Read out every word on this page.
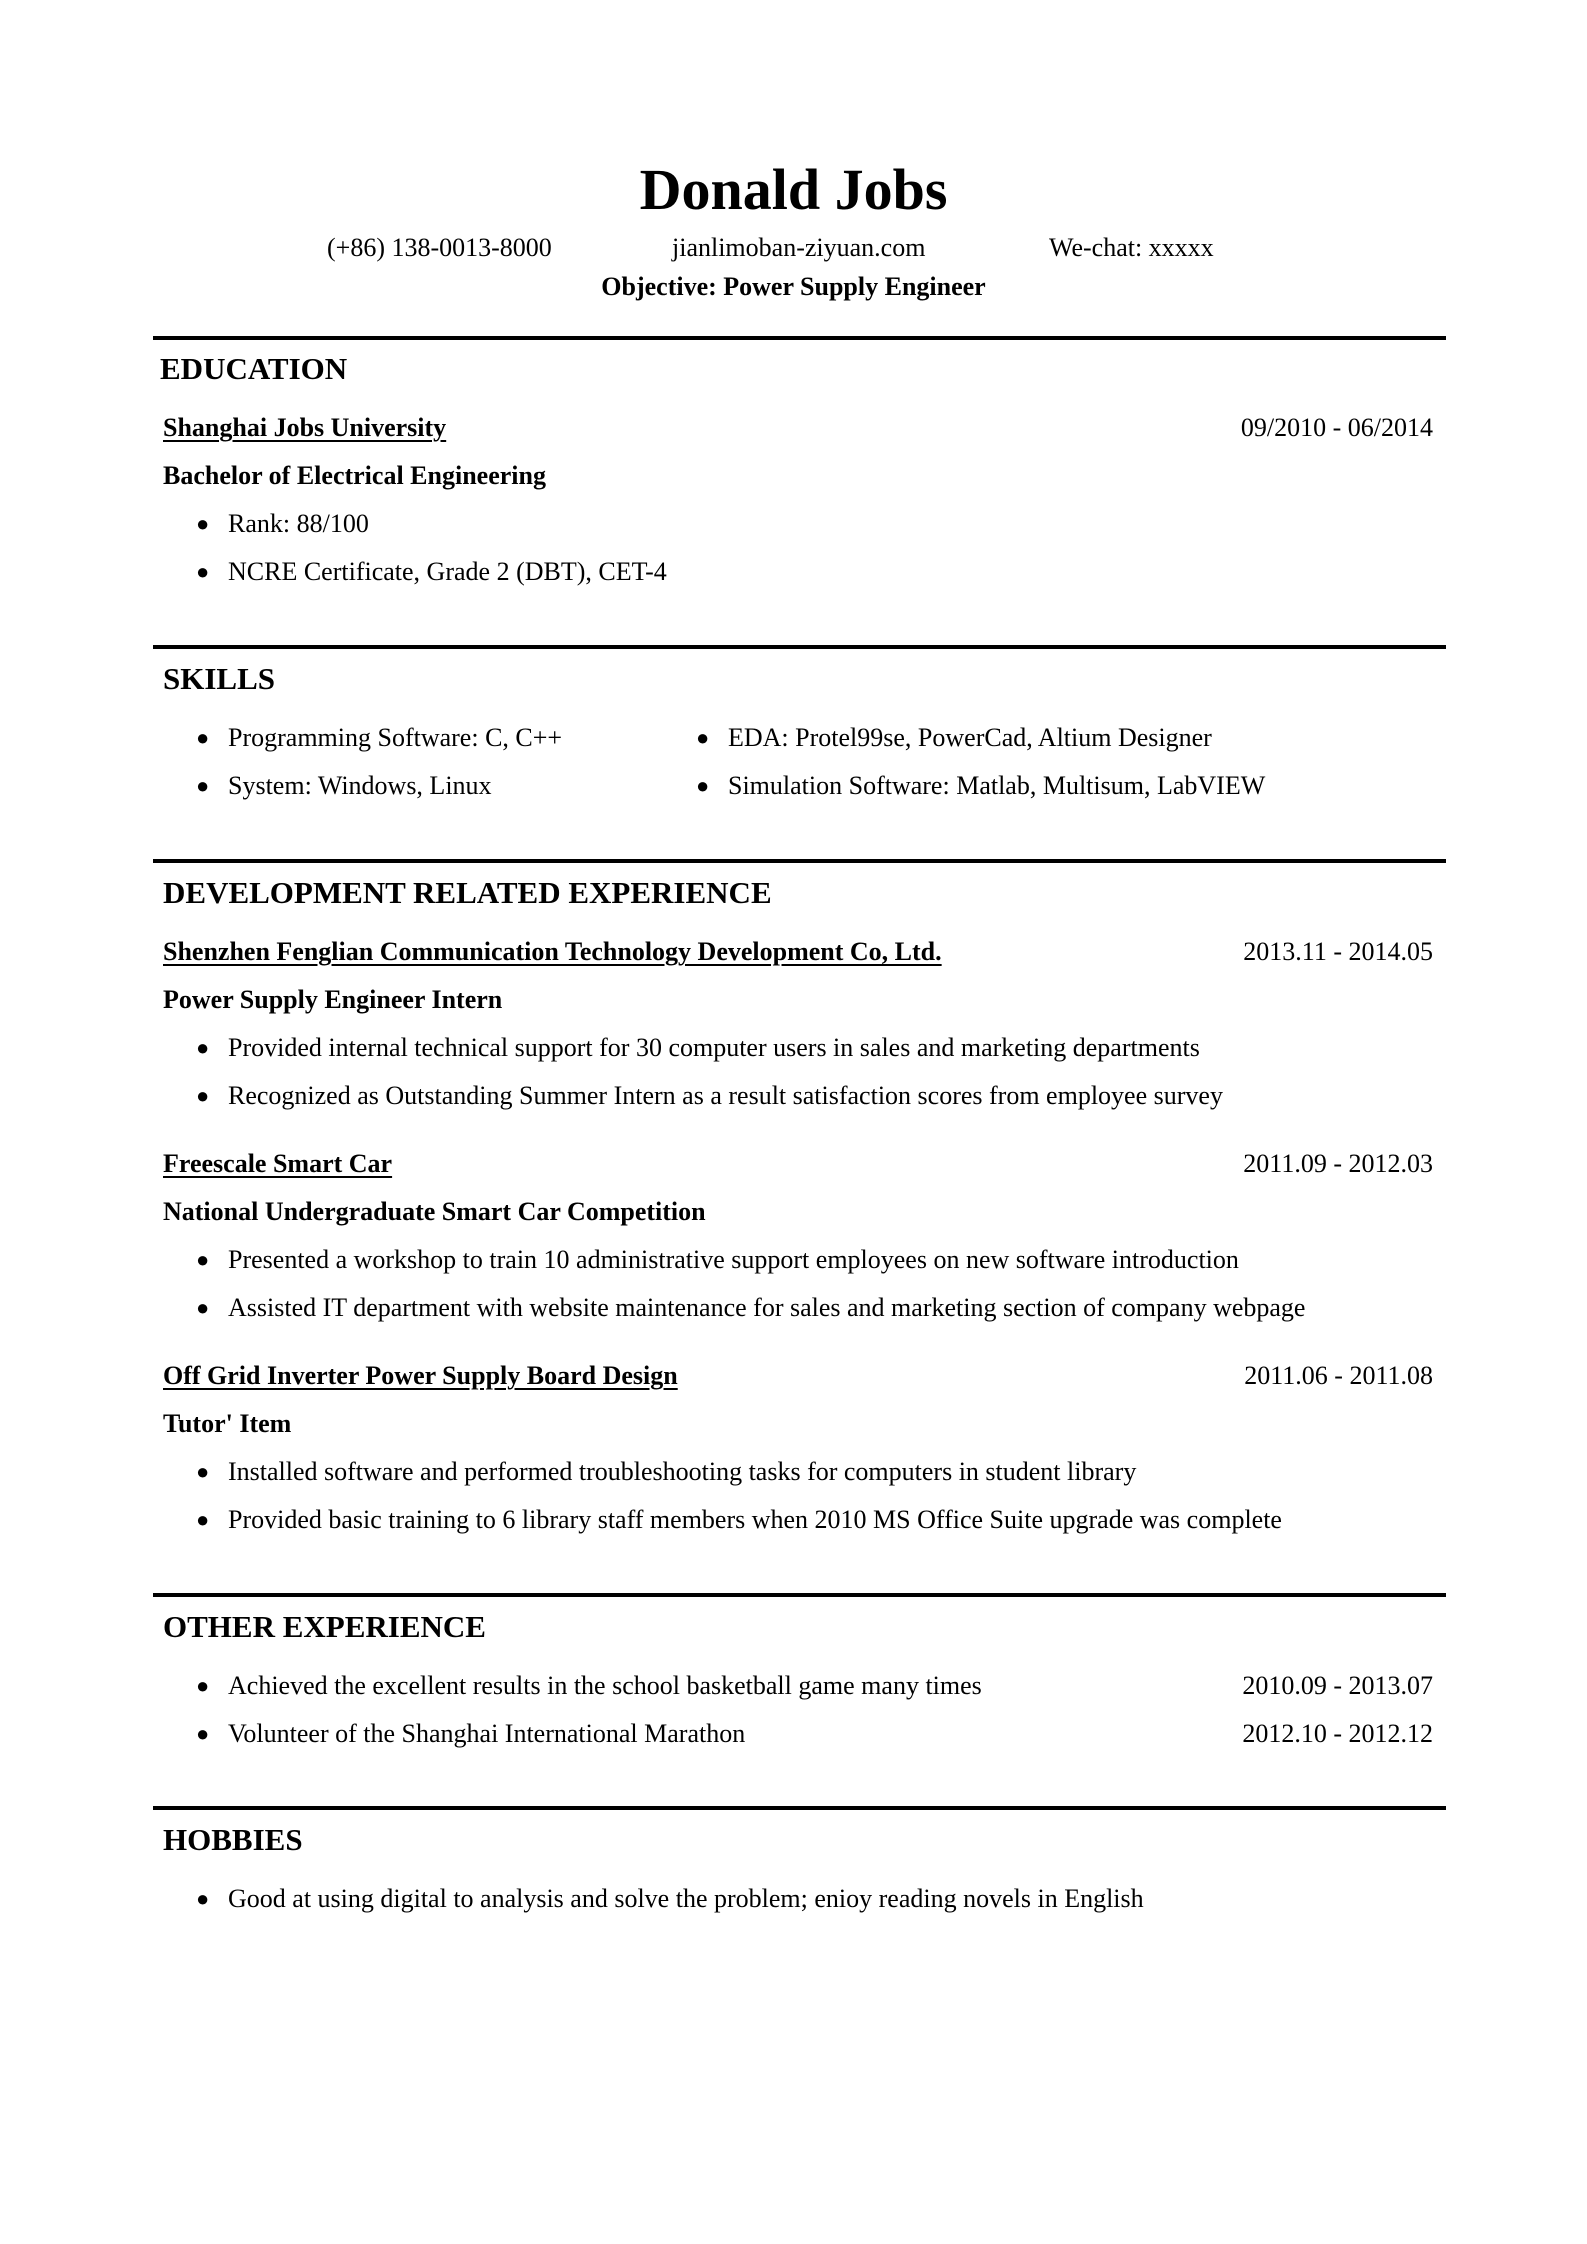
Donald Jobs
(+86) 138-0013-8000	jianlimoban-ziyuan.com	We-chat: xxxxx
Objective: Power Supply Engineer
EDUCATION
Shanghai Jobs University	09/2010 - 06/2014
Bachelor of Electrical Engineering
● Rank: 88/100
● NCRE Certificate, Grade 2 (DBT), CET-4
SKILLS
● Programming Software: C, C++	● EDA: Protel99se, PowerCad, Altium Designer
● System: Windows, Linux	● Simulation Software: Matlab, Multisum, LabVIEW
DEVELOPMENT RELATED EXPERIENCE
Shenzhen Fenglian Communication Technology Development Co, Ltd.	2013.11 - 2014.05
Power Supply Engineer Intern
● Provided internal technical support for 30 computer users in sales and marketing departments
● Recognized as Outstanding Summer Intern as a result satisfaction scores from employee survey
Freescale Smart Car	2011.09 - 2012.03
National Undergraduate Smart Car Competition
● Presented a workshop to train 10 administrative support employees on new software introduction
● Assisted IT department with website maintenance for sales and marketing section of company webpage
Off Grid Inverter Power Supply Board Design	2011.06 - 2011.08
Tutor' Item
● Installed software and performed troubleshooting tasks for computers in student library
● Provided basic training to 6 library staff members when 2010 MS Office Suite upgrade was complete
OTHER EXPERIENCE
● Achieved the excellent results in the school basketball game many times	2010.09 - 2013.07
● Volunteer of the Shanghai International Marathon	2012.10 - 2012.12
HOBBIES
● Good at using digital to analysis and solve the problem; enioy reading novels in English
